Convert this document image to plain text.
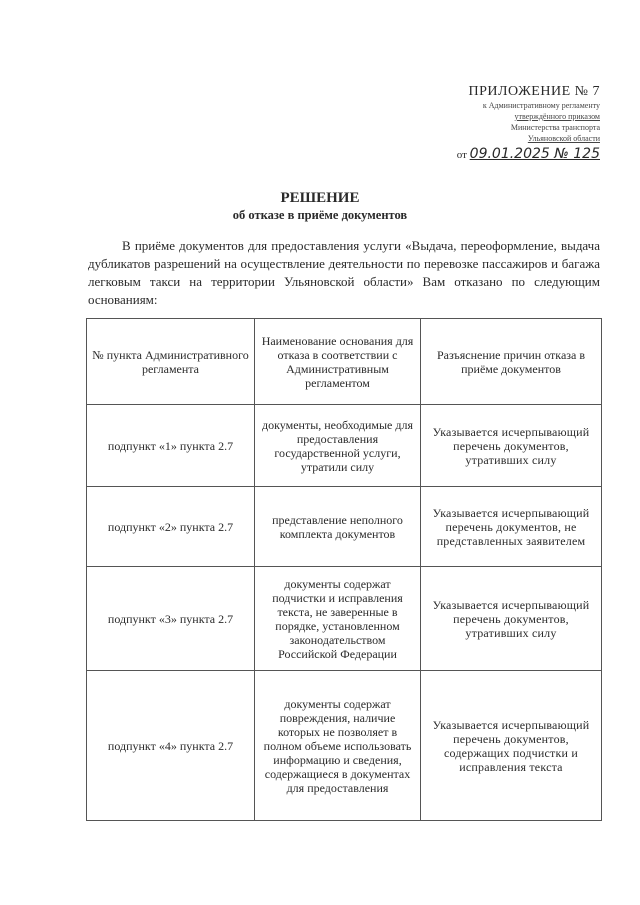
ПРИЛОЖЕНИЕ № 7
к Административному регламенту
утверждённого приказом
Министерства транспорта
Ульяновской области
от 09.01.2025 № 125
РЕШЕНИЕ
об отказе в приёме документов
В приёме документов для предоставления услуги «Выдача, переоформление, выдача дубликатов разрешений на осуществление деятельности по перевозке пассажиров и багажа легковым такси на территории Ульяновской области» Вам отказано по следующим основаниям:
№ пункта Административного регламента	Наименование основания для отказа в соответствии с Административным регламентом	Разъяснение причин отказа в приёме документов
подпункт «1» пункта 2.7	документы, необходимые для предоставления государственной услуги, утратили силу	Указывается исчерпывающий перечень документов, утративших силу
подпункт «2» пункта 2.7	представление неполного комплекта документов	Указывается исчерпывающий перечень документов, не представленных заявителем
подпункт «3» пункта 2.7	документы содержат подчистки и исправления текста, не заверенные в порядке, установленном законодательством Российской Федерации	Указывается исчерпывающий перечень документов, утративших силу
подпункт «4» пункта 2.7	документы содержат повреждения, наличие которых не позволяет в полном объеме использовать информацию и сведения, содержащиеся в документах для предоставления	Указывается исчерпывающий перечень документов, содержащих подчистки и исправления текста
